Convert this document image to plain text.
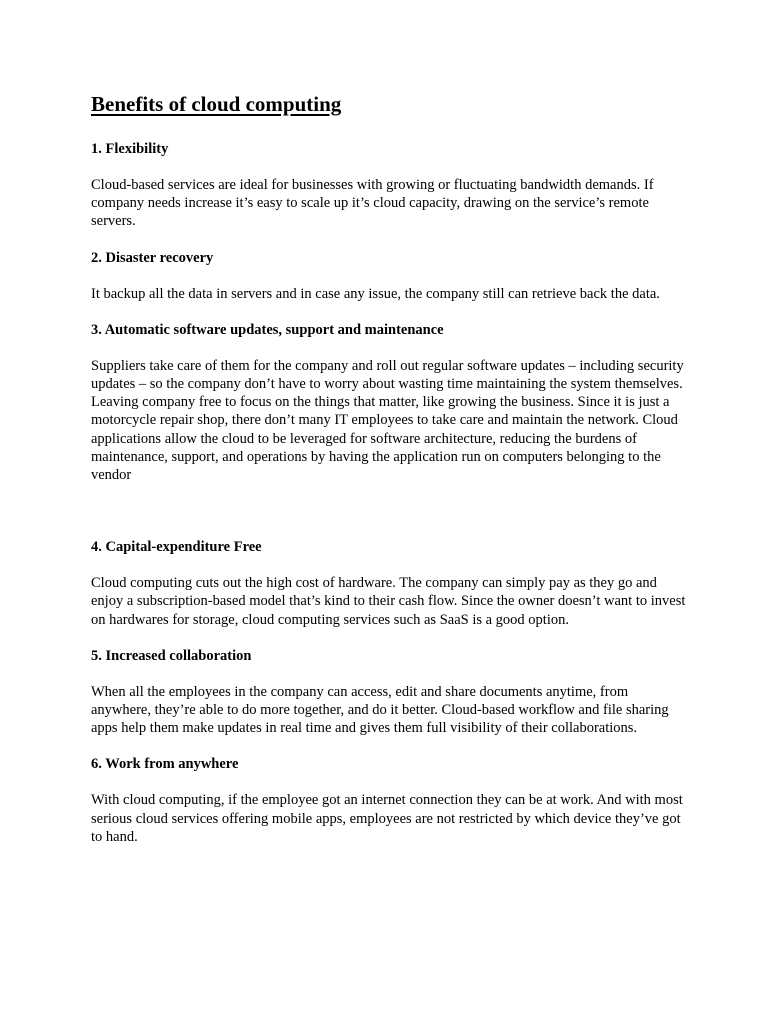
Benefits of cloud computing
1. Flexibility

Cloud-based services are ideal for businesses with growing or fluctuating bandwidth demands. If company needs increase it’s easy to scale up it’s cloud capacity, drawing on the service’s remote servers.

2. Disaster recovery

It backup all the data in servers and in case any issue, the company still can retrieve back the data.

3. Automatic software updates, support and maintenance

Suppliers take care of them for the company and roll out regular software updates – including security updates – so the company don’t have to worry about wasting time maintaining the system themselves. Leaving company free to focus on the things that matter, like growing the business. Since it is just a motorcycle repair shop, there don’t many IT employees to take care and maintain the network. Cloud applications allow the cloud to be leveraged for software architecture, reducing the burdens of maintenance, support, and operations by having the application run on computers belonging to the vendor

4. Capital-expenditure Free

Cloud computing cuts out the high cost of hardware. The company can simply pay as they go and enjoy a subscription-based model that’s kind to their cash flow. Since the owner doesn’t want to invest on hardwares for storage, cloud computing services such as SaaS is a good option.

5. Increased collaboration

When all the employees in the company can access, edit and share documents anytime, from anywhere, they’re able to do more together, and do it better. Cloud-based workflow and file sharing apps help them make updates in real time and gives them full visibility of their collaborations.

6. Work from anywhere

With cloud computing, if the employee got an internet connection they can be at work. And with most serious cloud services offering mobile apps, employees are not restricted by which device they’ve got to hand.
